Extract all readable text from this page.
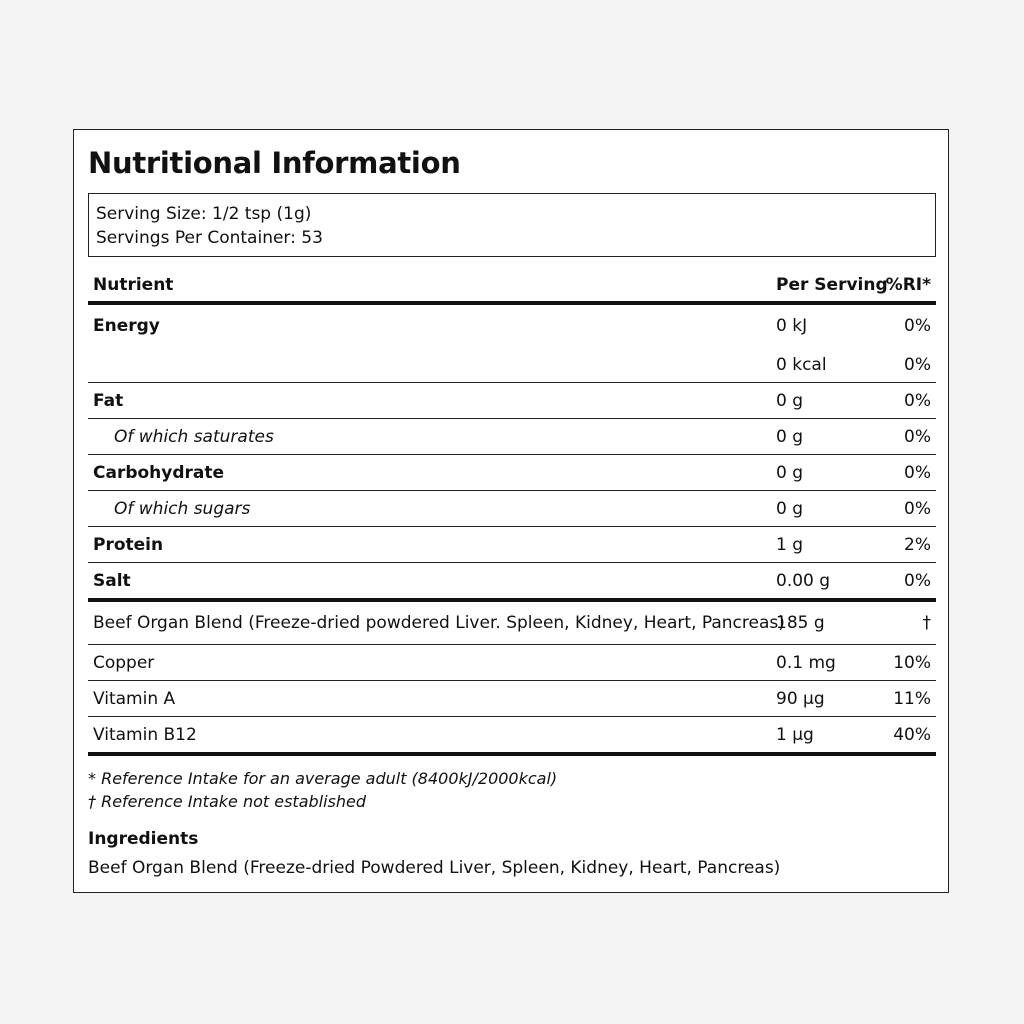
Nutritional Information
Serving Size: 1/2 tsp (1g)
Servings Per Container: 53
Nutrient	Per Serving	%RI*
Energy	0 kJ	0%
	0 kcal	0%
Fat	0 g	0%
Of which saturates	0 g	0%
Carbohydrate	0 g	0%
Of which sugars	0 g	0%
Protein	1 g	2%
Salt	0.00 g	0%
Beef Organ Blend (Freeze-dried powdered Liver. Spleen, Kidney, Heart, Pancreas)	185 g	†
Copper	0.1 mg	10%
Vitamin A	90 µg	11%
Vitamin B12	1 µg	40%
* Reference Intake for an average adult (8400kJ/2000kcal)
† Reference Intake not established
Ingredients
Beef Organ Blend (Freeze-dried Powdered Liver, Spleen, Kidney, Heart, Pancreas)
